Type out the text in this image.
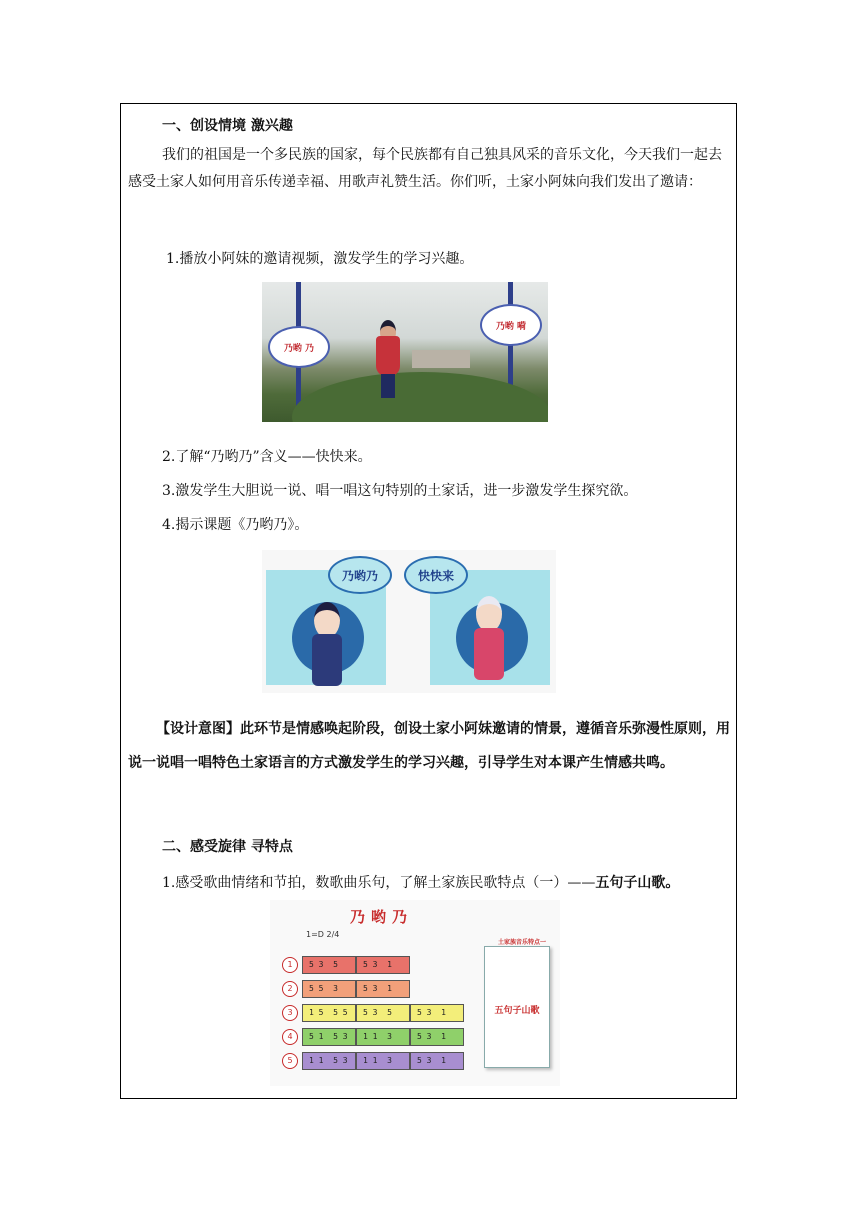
一、创设情境 激兴趣
我们的祖国是一个多民族的国家，每个民族都有自己独具风采的音乐文化，今天我们一起去感受土家人如何用音乐传递幸福、用歌声礼赞生活。你们听，土家小阿妹向我们发出了邀请：
1.播放小阿妹的邀请视频，激发学生的学习兴趣。
乃哟 乃
乃哟 嗬
2.了解“乃哟乃”含义——快快来。
3.激发学生大胆说一说、唱一唱这句特别的土家话，进一步激发学生探究欲。
4.揭示课题《乃哟乃》。
乃哟乃	快快来
【设计意图】此环节是情感唤起阶段，创设土家小阿妹邀请的情景，遵循音乐弥漫性原则，用说一说唱一唱特色土家语言的方式激发学生的学习兴趣，引导学生对本课产生情感共鸣。
二、感受旋律 寻特点
1.感受歌曲情绪和节拍，数歌曲乐句，了解土家族民歌特点（一）——五句子山歌。
乃哟乃
1=D 2/4
1	5 3  5	5 3  1
2	5 5  3	5 3  1
3	1 5  5 5	5 3  5	5 3  1
4	5 1  5 3	1 1  3	5 3  1
5	1 1  5 3	1 1  3	5 3  1
土家族音乐特点一
五句子山歌
